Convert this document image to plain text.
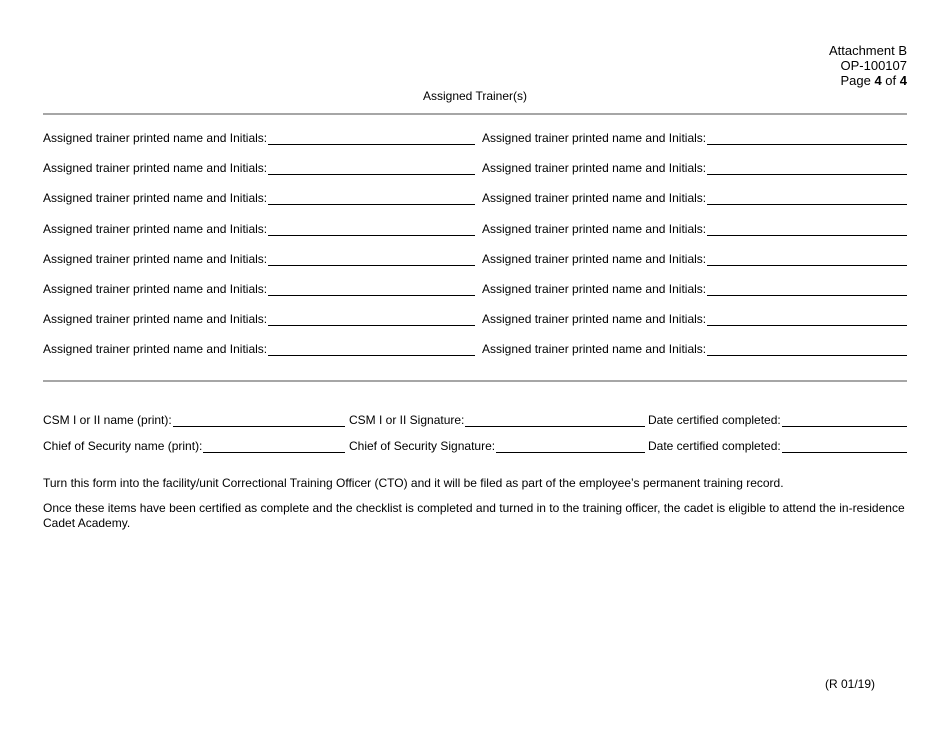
Attachment B
OP-100107
Page 4 of 4
Assigned Trainer(s)
Assigned trainer printed name and Initials:	Assigned trainer printed name and Initials:
Assigned trainer printed name and Initials:	Assigned trainer printed name and Initials:
Assigned trainer printed name and Initials:	Assigned trainer printed name and Initials:
Assigned trainer printed name and Initials:	Assigned trainer printed name and Initials:
Assigned trainer printed name and Initials:	Assigned trainer printed name and Initials:
Assigned trainer printed name and Initials:	Assigned trainer printed name and Initials:
Assigned trainer printed name and Initials:	Assigned trainer printed name and Initials:
Assigned trainer printed name and Initials:	Assigned trainer printed name and Initials:
CSM I or II name (print):	CSM I or II Signature:	Date certified completed:
Chief of Security name (print):	Chief of Security Signature:	Date certified completed:
Turn this form into the facility/unit Correctional Training Officer (CTO) and it will be filed as part of the employee’s permanent training record.
Once these items have been certified as complete and the checklist is completed and turned in to the training officer, the cadet is eligible to attend the in-residence Cadet Academy.
(R 01/19)
